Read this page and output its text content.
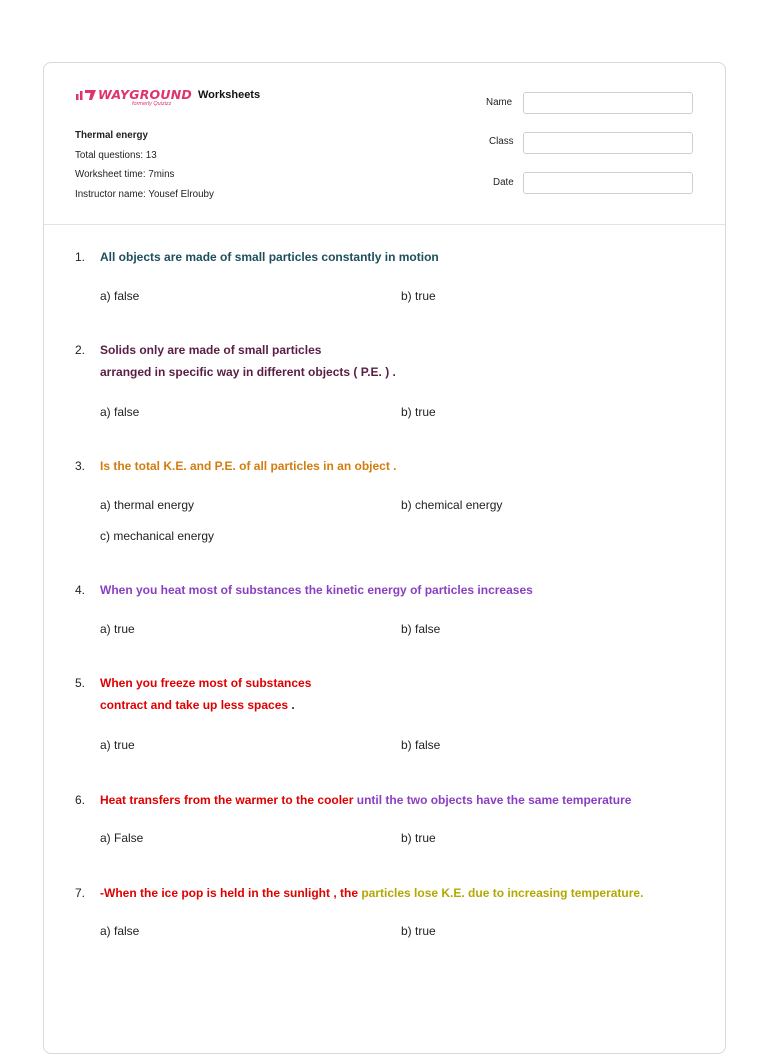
WAYGROUND Worksheets
formerly Quizizz
Thermal energy
Total questions: 13
Worksheet time: 7mins
Instructor name: Yousef Elrouby
Name
Class
Date
1. All objects are made of small particles constantly in motion
a) false	b) true
2. Solids only are made of small particles
arranged in specific way in different objects ( P.E. ) .
a) false	b) true
3. Is the total K.E. and P.E. of all particles in an object .
a) thermal energy	b) chemical energy
c) mechanical energy
4. When you heat most of substances the kinetic energy of particles increases
a) true	b) false
5. When you freeze most of substances
contract and take up less spaces .
a) true	b) false
6. Heat transfers from the warmer to the cooler until the two objects have the same temperature
a) False	b) true
7. -When the ice pop is held in the sunlight , the particles lose K.E. due to increasing temperature.
a) false	b) true
